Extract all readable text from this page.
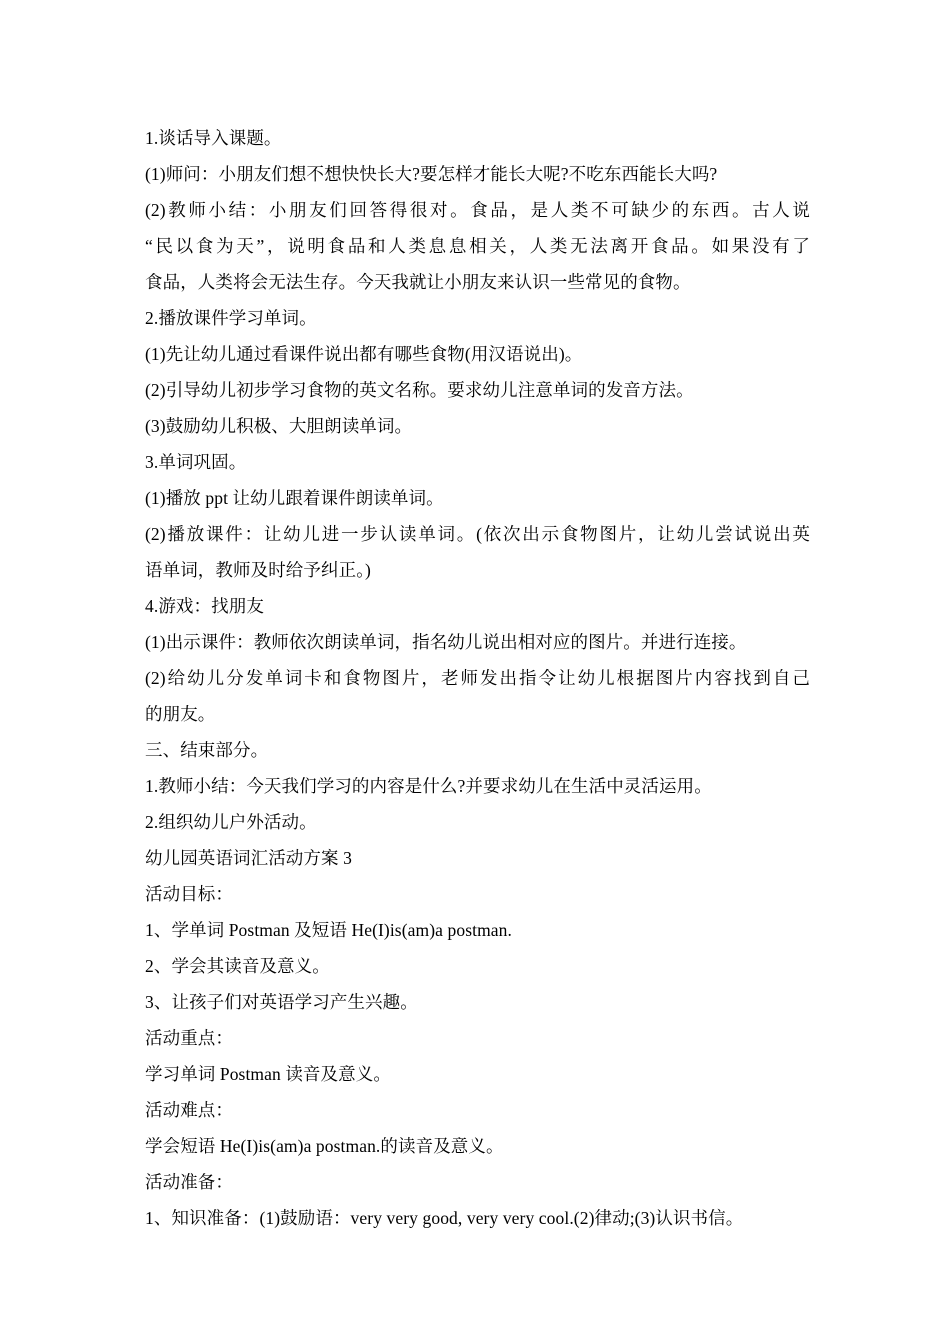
1.谈话导入课题。
(1)师问：小朋友们想不想快快长大?要怎样才能长大呢?不吃东西能长大吗?
(2)教师小结：小朋友们回答得很对。食品，是人类不可缺少的东西。古人说
“民以食为天”，说明食品和人类息息相关，人类无法离开食品。如果没有了
食品，人类将会无法生存。今天我就让小朋友来认识一些常见的食物。
2.播放课件学习单词。
(1)先让幼儿通过看课件说出都有哪些食物(用汉语说出)。
(2)引导幼儿初步学习食物的英文名称。要求幼儿注意单词的发音方法。
(3)鼓励幼儿积极、大胆朗读单词。
3.单词巩固。
(1)播放 ppt 让幼儿跟着课件朗读单词。
(2)播放课件：让幼儿进一步认读单词。(依次出示食物图片，让幼儿尝试说出英
语单词，教师及时给予纠正。)
4.游戏：找朋友
(1)出示课件：教师依次朗读单词，指名幼儿说出相对应的图片。并进行连接。
(2)给幼儿分发单词卡和食物图片，老师发出指令让幼儿根据图片内容找到自己
的朋友。
三、结束部分。
1.教师小结：今天我们学习的内容是什么?并要求幼儿在生活中灵活运用。
2.组织幼儿户外活动。
幼儿园英语词汇活动方案 3
活动目标：
1、学单词 Postman 及短语 He(I)is(am)a postman.
2、学会其读音及意义。
3、让孩子们对英语学习产生兴趣。
活动重点：
学习单词 Postman 读音及意义。
活动难点：
学会短语 He(I)is(am)a postman.的读音及意义。
活动准备：
1、知识准备：(1)鼓励语：very very good, very very cool.(2)律动;(3)认识书信。
